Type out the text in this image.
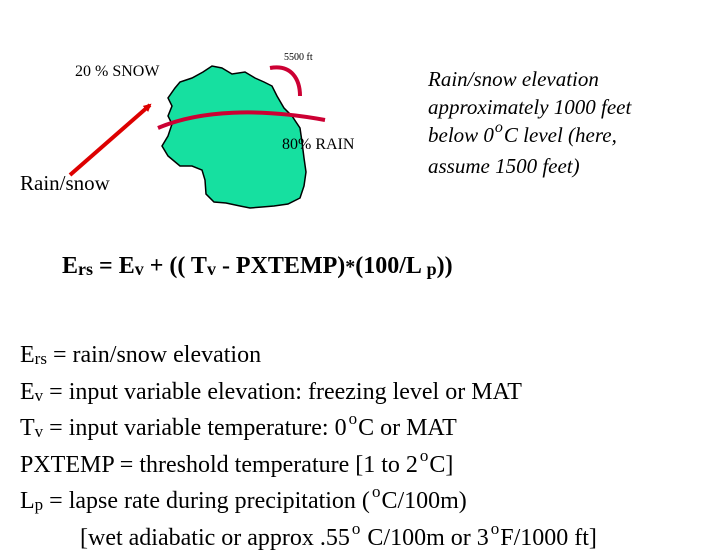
20 % SNOW
5500 ft
80% RAIN
Rain/snow
Rain/snow elevation
approximately 1000 feet
below 0$^o$C level (here,
assume 1500 feet)
$E_{rs} = E_v$ + (( $T_v$ - PXTEMP)*(100/L $_p$))
Ers = rain/snow elevation
Ev = input variable elevation: freezing level or MAT
Tv = input variable temperature: 0 $^o$C or MAT
PXTEMP = threshold temperature [1 to 2 $^o$C]
Lp = lapse rate during precipitation ( $^o$C/100m)
[wet adiabatic or approx .55 $^o$ C/100m or 3 $^o$F/1000 ft]
